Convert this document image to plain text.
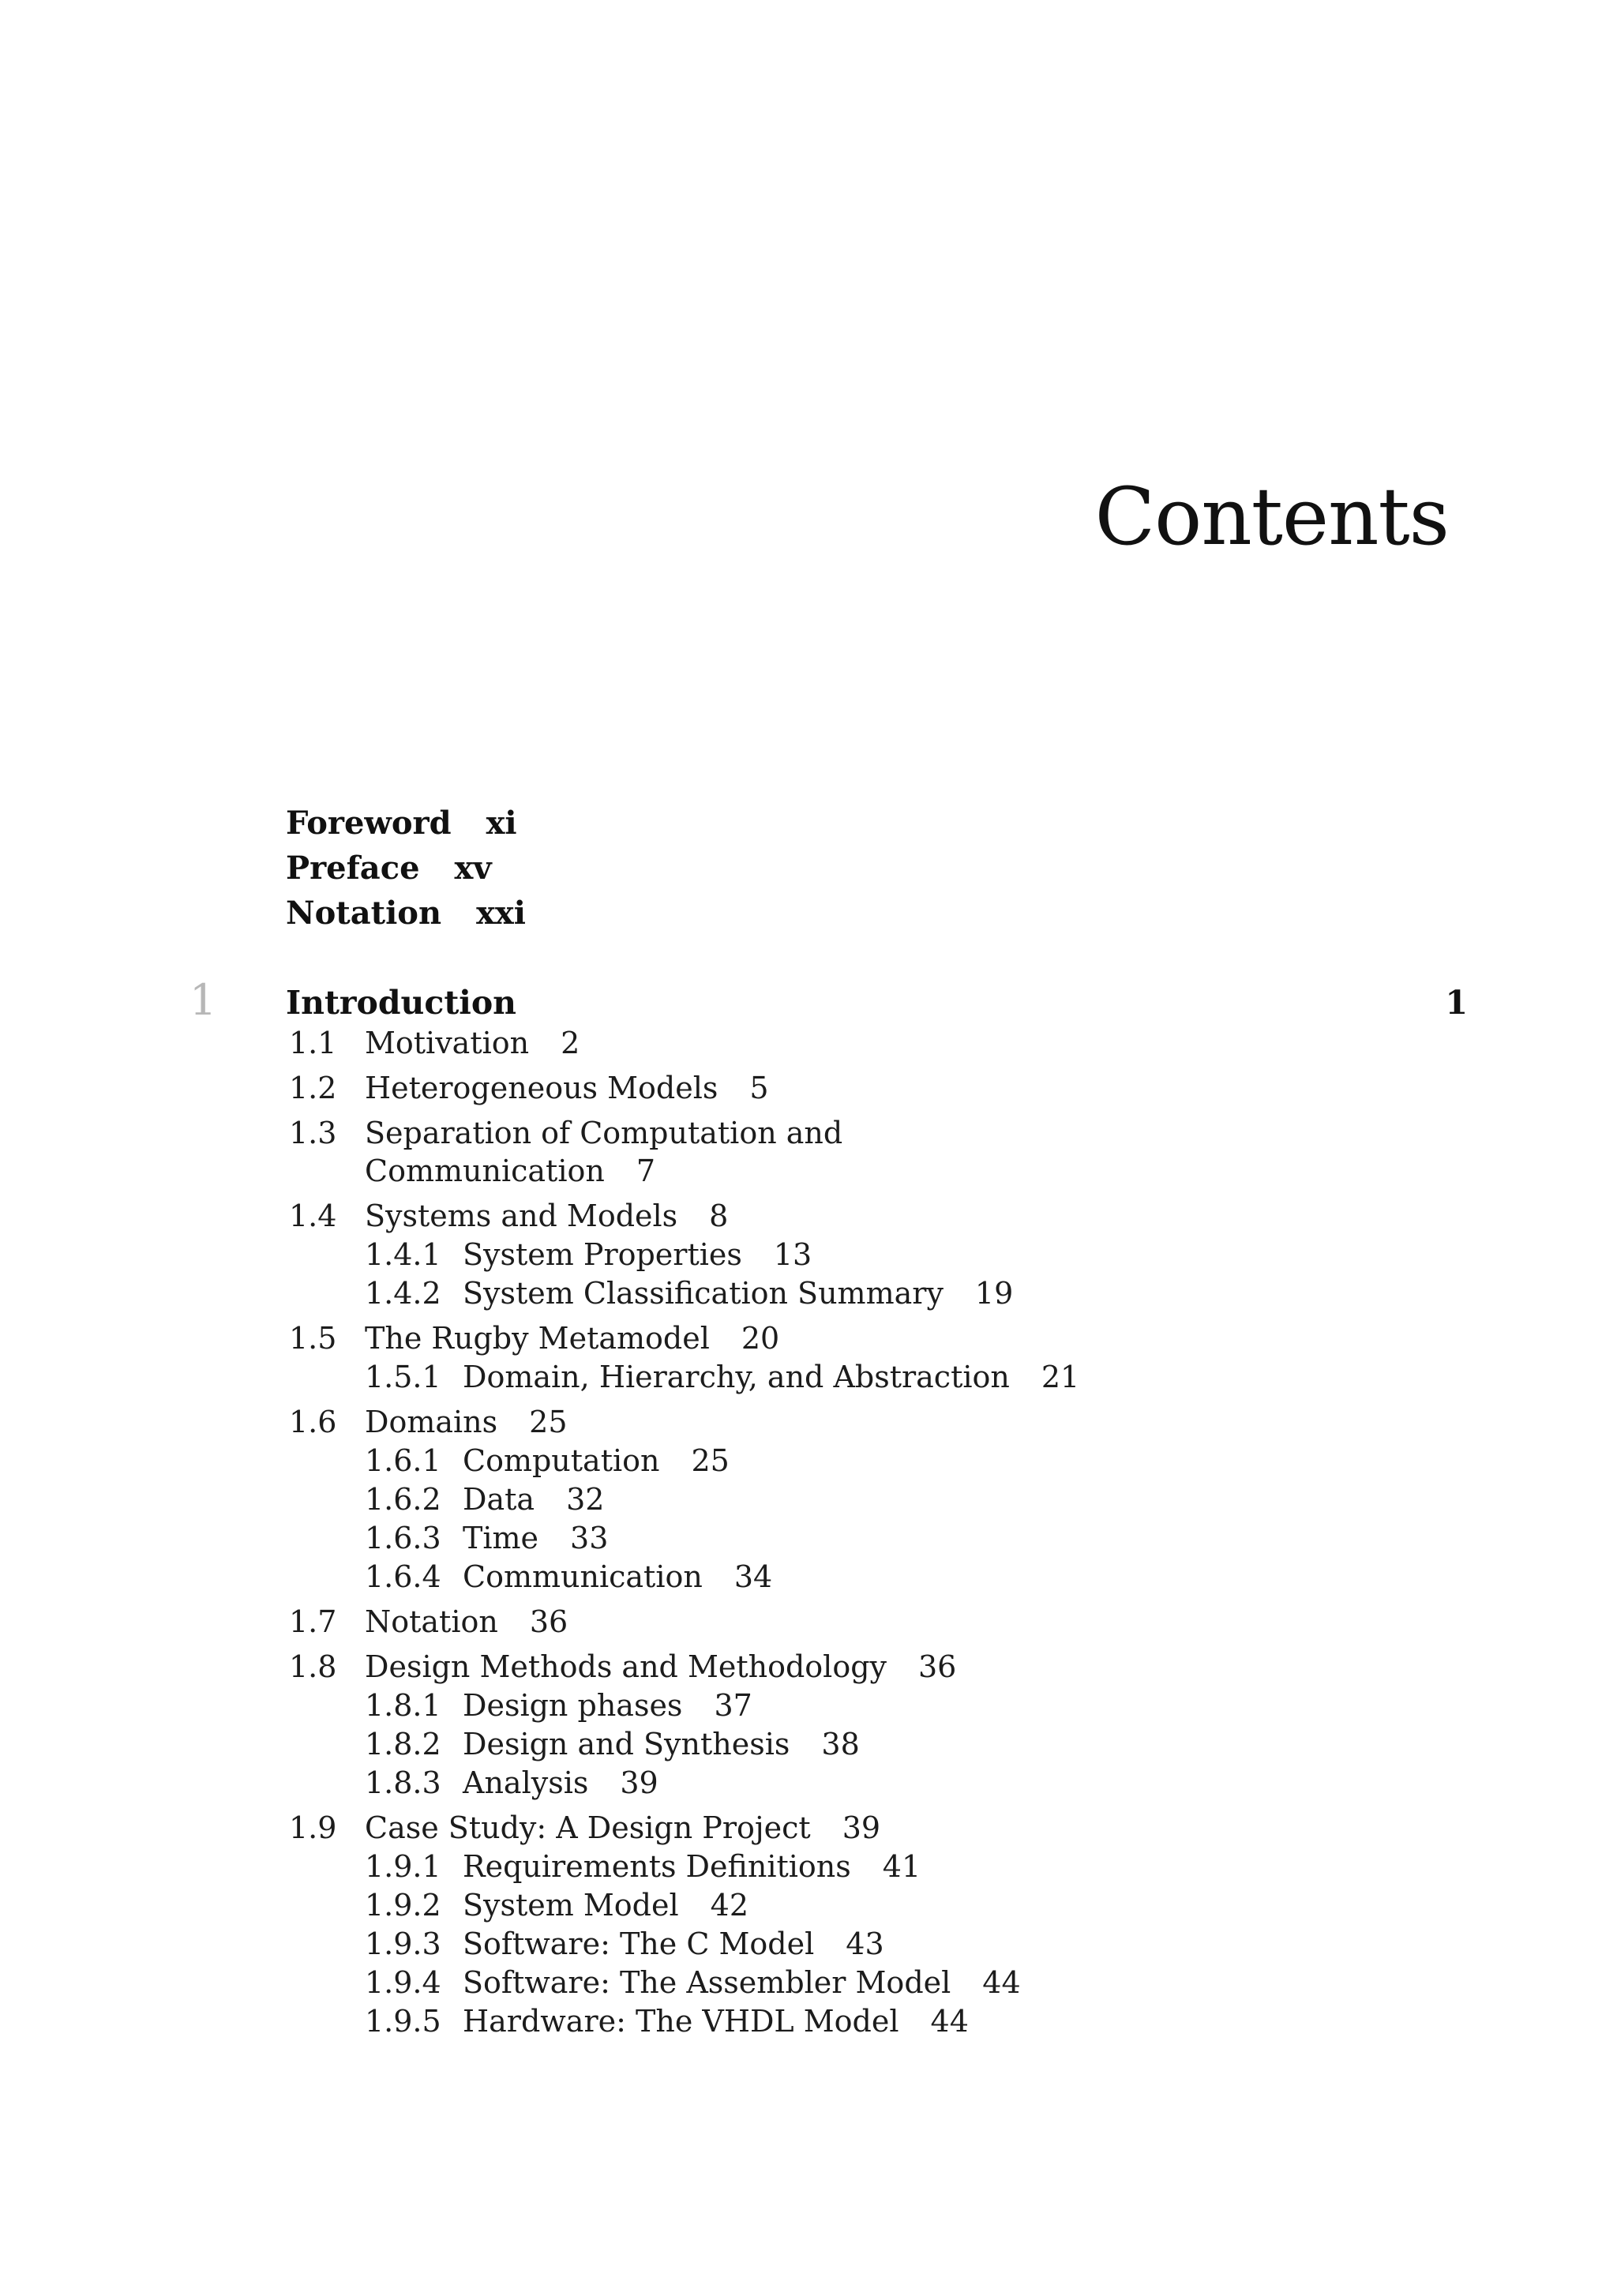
Contents
Foreword xi
Preface xv
Notation xxi
1 Introduction	1
1.1 Motivation 2
1.2 Heterogeneous Models 5
1.3 Separation of Computation and
Communication 7
1.4 Systems and Models 8
1.4.1 System Properties 13
1.4.2 System Classification Summary 19
1.5 The Rugby Metamodel 20
1.5.1 Domain, Hierarchy, and Abstraction 21
1.6 Domains 25
1.6.1 Computation 25
1.6.2 Data 32
1.6.3 Time 33
1.6.4 Communication 34
1.7 Notation 36
1.8 Design Methods and Methodology 36
1.8.1 Design phases 37
1.8.2 Design and Synthesis 38
1.8.3 Analysis 39
1.9 Case Study: A Design Project 39
1.9.1 Requirements Definitions 41
1.9.2 System Model 42
1.9.3 Software: The C Model 43
1.9.4 Software: The Assembler Model 44
1.9.5 Hardware: The VHDL Model 44
